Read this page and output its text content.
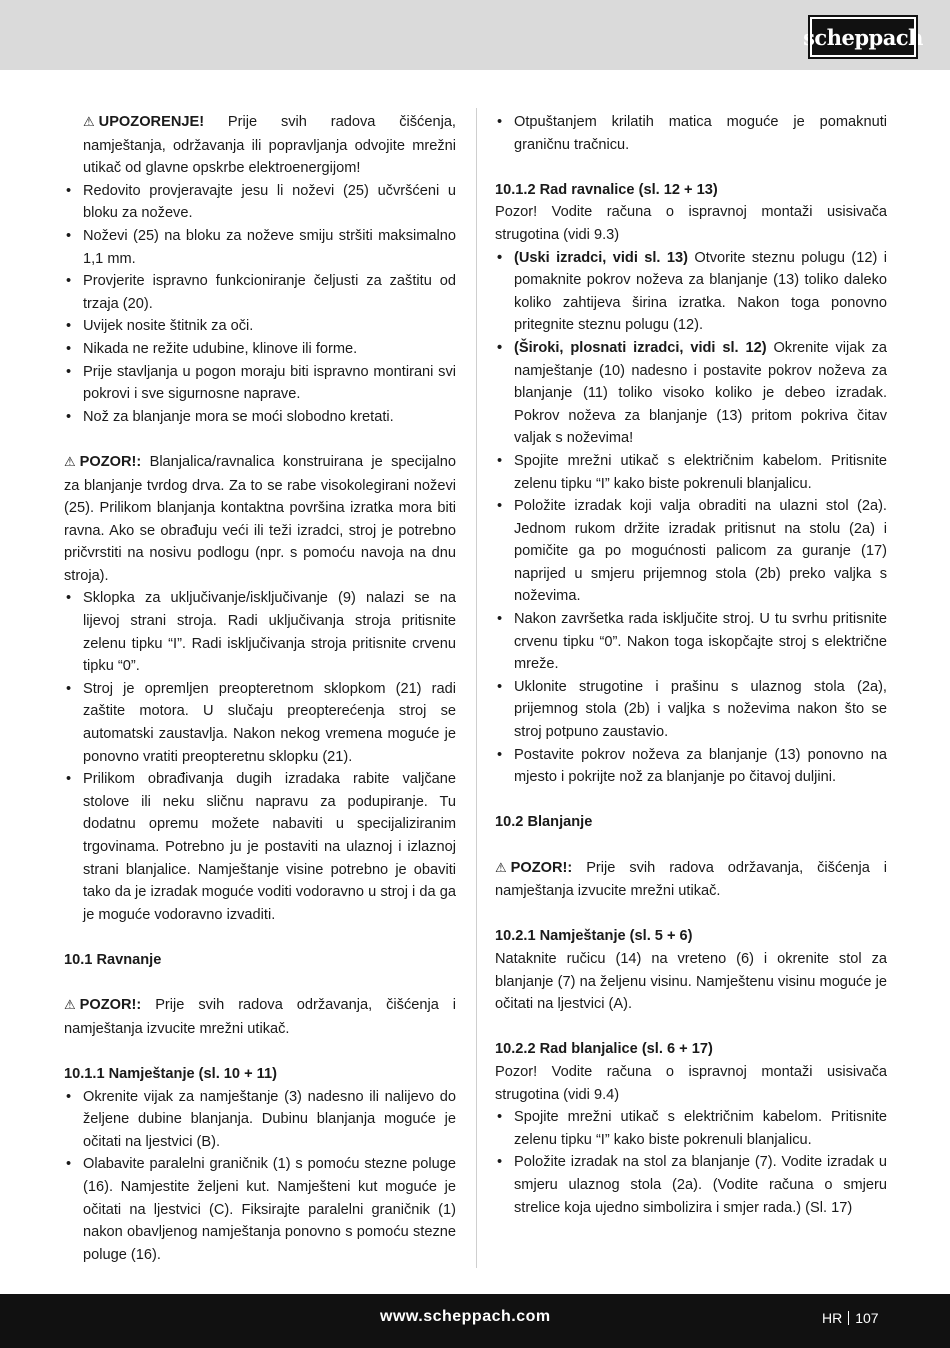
scheppach

⚠ UPOZORENJE! Prije svih radova čišćenja, namještanja, održavanja ili popravljanja odvojite mrežni utikač od glavne opskrbe elektroenergijom!

• Redovito provjeravajte jesu li noževi (25) učvršćeni u bloku za noževe.
• Noževi (25) na bloku za noževe smiju stršiti maksimalno 1,1 mm.
• Provjerite ispravno funkcioniranje čeljusti za zaštitu od trzaja (20).
• Uvijek nosite štitnik za oči.
• Nikada ne režite udubine, klinove ili forme.
• Prije stavljanja u pogon moraju biti ispravno montirani svi pokrovi i sve sigurnosne naprave.
• Nož za blanjanje mora se moći slobodno kretati.

⚠ POZOR!: Blanjalica/ravnalica konstruirana je specijalno za blanjanje tvrdog drva. Za to se rabe visokolegirani noževi (25). Prilikom blanjanja kontaktna površina izratka mora biti ravna. Ako se obrađuju veći ili teži izradci, stroj je potrebno pričvrstiti na nosivu podlogu (npr. s pomoću navoja na dnu stroja).

• Sklopka za uključivanje/isključivanje (9) nalazi se na lijevoj strani stroja. Radi uključivanja stroja pritisnite zelenu tipku “I”. Radi isključivanja stroja pritisnite crvenu tipku “0”.
• Stroj je opremljen preopteretnom sklopkom (21) radi zaštite motora. U slučaju preopterećenja stroj se automatski zaustavlja. Nakon nekog vremena moguće je ponovno vratiti preopteretnu sklopku (21).
• Prilikom obrađivanja dugih izradaka rabite valjčane stolove ili neku sličnu napravu za podupiranje. Tu dodatnu opremu možete nabaviti u specijaliziranim trgovinama. Potrebno ju je postaviti na ulaznoj i izlaznoj strani blanjalice. Namještanje visine potrebno je obaviti tako da je izradak moguće voditi vodoravno u stroj i da ga je moguće vodoravno izvaditi.

10.1 Ravnanje

⚠ POZOR!: Prije svih radova održavanja, čišćenja i namještanja izvucite mrežni utikač.

10.1.1 Namještanje (sl. 10 + 11)

• Okrenite vijak za namještanje (3) nadesno ili nalijevo do željene dubine blanjanja. Dubinu blanjanja moguće je očitati na ljestvici (B).
• Olabavite paralelni graničnik (1) s pomoću stezne poluge (16). Namjestite željeni kut. Namješteni kut moguće je očitati na ljestvici (C). Fiksirajte paralelni graničnik (1) nakon obavljenog namještanja ponovno s pomoću stezne poluge (16).
• Otpuštanjem krilatih matica moguće je pomaknuti graničnu tračnicu.

10.1.2 Rad ravnalice (sl. 12 + 13)

Pozor! Vodite računa o ispravnoj montaži usisivača strugotina (vidi 9.3)

• (Uski izradci, vidi sl. 13) Otvorite steznu polugu (12) i pomaknite pokrov noževa za blanjanje (13) toliko daleko koliko zahtijeva širina izratka. Nakon toga ponovno pritegnite steznu polugu (12).
• (Široki, plosnati izradci, vidi sl. 12) Okrenite vijak za namještanje (10) nadesno i postavite pokrov noževa za blanjanje (11) toliko visoko koliko je debeo izradak. Pokrov noževa za blanjanje (13) pritom pokriva čitav valjak s noževima!
• Spojite mrežni utikač s električnim kabelom. Pritisnite zelenu tipku “I” kako biste pokrenuli blanjalicu.
• Položite izradak koji valja obraditi na ulazni stol (2a). Jednom rukom držite izradak pritisnut na stolu (2a) i pomičite ga po mogućnosti palicom za guranje (17) naprijed u smjeru prijemnog stola (2b) preko valjka s noževima.
• Nakon završetka rada isključite stroj. U tu svrhu pritisnite crvenu tipku “0”. Nakon toga iskopčajte stroj s električne mreže.
• Uklonite strugotine i prašinu s ulaznog stola (2a), prijemnog stola (2b) i valjka s noževima nakon što se stroj potpuno zaustavio.
• Postavite pokrov noževa za blanjanje (13) ponovno na mjesto i pokrijte nož za blanjanje po čitavoj duljini.

10.2 Blanjanje

⚠ POZOR!: Prije svih radova održavanja, čišćenja i namještanja izvucite mrežni utikač.

10.2.1 Namještanje (sl. 5 + 6)

Nataknite ručicu (14) na vreteno (6) i okrenite stol za blanjanje (7) na željenu visinu. Namještenu visinu moguće je očitati na ljestvici (A).

10.2.2 Rad blanjalice (sl. 6 + 17)

Pozor! Vodite računa o ispravnoj montaži usisivača strugotina (vidi 9.4)

• Spojite mrežni utikač s električnim kabelom. Pritisnite zelenu tipku “I” kako biste pokrenuli blanjalicu.
• Položite izradak na stol za blanjanje (7). Vodite izradak u smjeru ulaznog stola (2a). (Vodite računa o smjeru strelice koja ujedno simbolizira i smjer rada.) (Sl. 17)
www.scheppach.com	HR 107
